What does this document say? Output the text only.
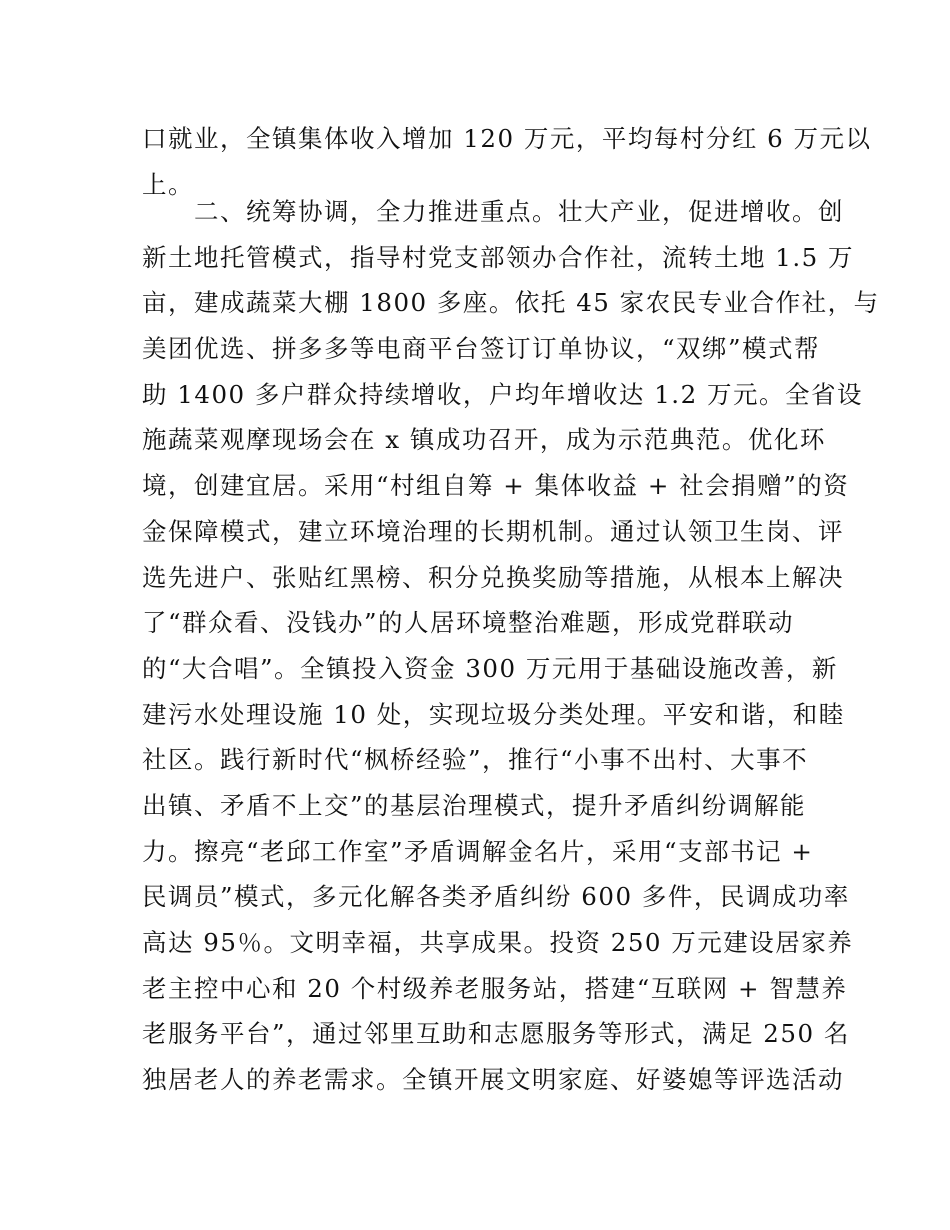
口就业，全镇集体收入增加 120 万元，平均每村分红 6 万元以
上。
　　二、统筹协调，全力推进重点。壮大产业，促进增收。创
新土地托管模式，指导村党支部领办合作社，流转土地 1.5 万
亩，建成蔬菜大棚 1800 多座。依托 45 家农民专业合作社，与
美团优选、拼多多等电商平台签订订单协议，“双绑”模式帮
助 1400 多户群众持续增收，户均年增收达 1.2 万元。全省设
施蔬菜观摩现场会在 x 镇成功召开，成为示范典范。优化环
境，创建宜居。采用“村组自筹 + 集体收益 + 社会捐赠”的资
金保障模式，建立环境治理的长期机制。通过认领卫生岗、评
选先进户、张贴红黑榜、积分兑换奖励等措施，从根本上解决
了“群众看、没钱办”的人居环境整治难题，形成党群联动
的“大合唱”。全镇投入资金 300 万元用于基础设施改善，新
建污水处理设施 10 处，实现垃圾分类处理。平安和谐，和睦
社区。践行新时代“枫桥经验”，推行“小事不出村、大事不
出镇、矛盾不上交”的基层治理模式，提升矛盾纠纷调解能
力。擦亮“老邱工作室”矛盾调解金名片，采用“支部书记 +
民调员”模式，多元化解各类矛盾纠纷 600 多件，民调成功率
高达 95％。文明幸福，共享成果。投资 250 万元建设居家养
老主控中心和 20 个村级养老服务站，搭建“互联网 + 智慧养
老服务平台”，通过邻里互助和志愿服务等形式，满足 250 名
独居老人的养老需求。全镇开展文明家庭、好婆媳等评选活动
